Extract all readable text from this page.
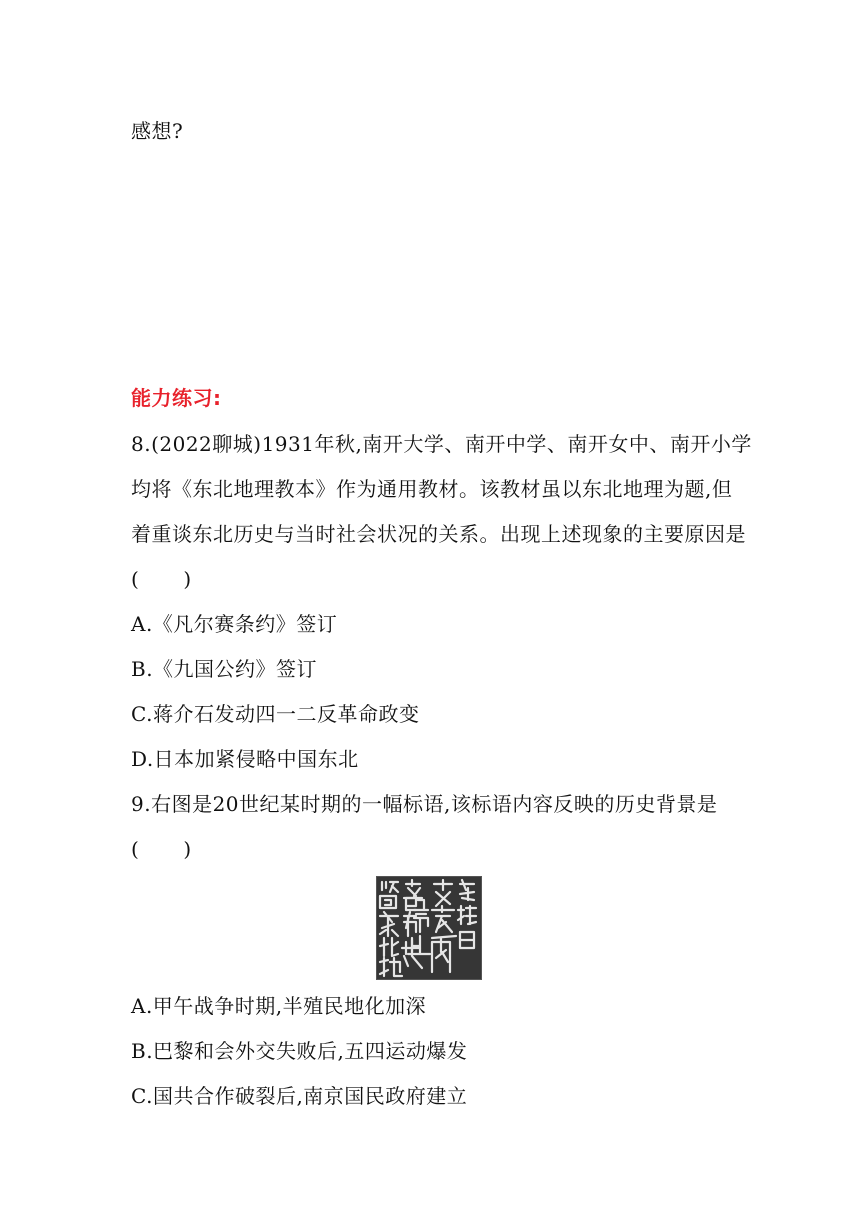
感想?
能力练习:
8.(2022聊城)1931年秋,南开大学、南开中学、南开女中、南开小学
均将《东北地理教本》作为通用教材。该教材虽以东北地理为题,但
着重谈东北历史与当时社会状况的关系。出现上述现象的主要原因是
( )
A.《凡尔赛条约》签订
B.《九国公约》签订
C.蒋介石发动四一二反革命政变
D.日本加紧侵略中国东北
9.右图是20世纪某时期的一幅标语,该标语内容反映的历史背景是
( )
A.甲午战争时期,半殖民地化加深
B.巴黎和会外交失败后,五四运动爆发
C.国共合作破裂后,南京国民政府建立
